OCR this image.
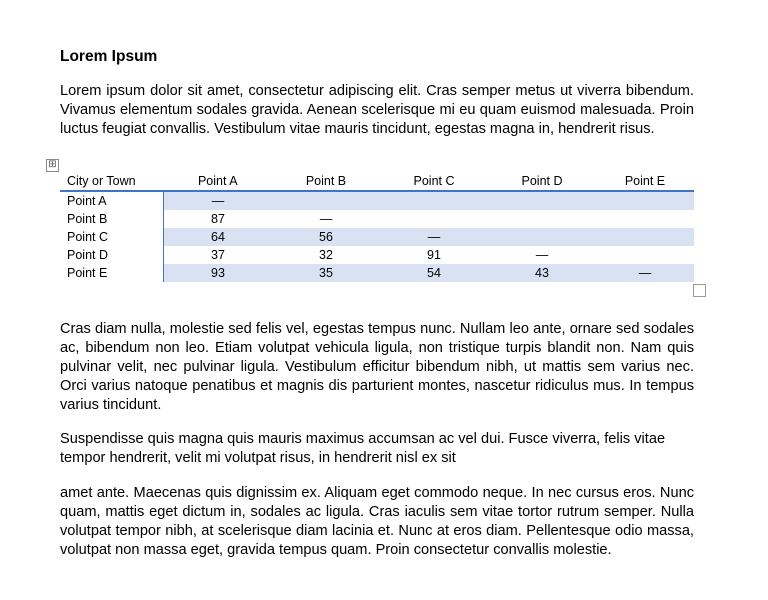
Lorem Ipsum
Lorem ipsum dolor sit amet, consectetur adipiscing elit. Cras semper metus ut viverra bibendum. Vivamus elementum sodales gravida. Aenean scelerisque mi eu quam euismod malesuada. Proin luctus feugiat convallis. Vestibulum vitae mauris tincidunt, egestas magna in, hendrerit risus.
⊞
City or Town	Point A	Point B	Point C	Point D	Point E
Point A	—				
Point B	87	—			
Point C	64	56	—		
Point D	37	32	91	—	
Point E	93	35	54	43	—
Cras diam nulla, molestie sed felis vel, egestas tempus nunc. Nullam leo ante, ornare sed sodales ac, bibendum non leo. Etiam volutpat vehicula ligula, non tristique turpis blandit non. Nam quis pulvinar velit, nec pulvinar ligula. Vestibulum efficitur bibendum nibh, ut mattis sem varius nec. Orci varius natoque penatibus et magnis dis parturient montes, nascetur ridiculus mus. In tempus varius tincidunt.
Suspendisse quis magna quis mauris maximus accumsan ac vel dui. Fusce viverra, felis vitae tempor hendrerit, velit mi volutpat risus, in hendrerit nisl ex sit
amet ante. Maecenas quis dignissim ex. Aliquam eget commodo neque. In nec cursus eros. Nunc quam, mattis eget dictum in, sodales ac ligula. Cras iaculis sem vitae tortor rutrum semper. Nulla volutpat tempor nibh, at scelerisque diam lacinia et. Nunc at eros diam. Pellentesque odio massa, volutpat non massa eget, gravida tempus quam. Proin consectetur convallis molestie.
